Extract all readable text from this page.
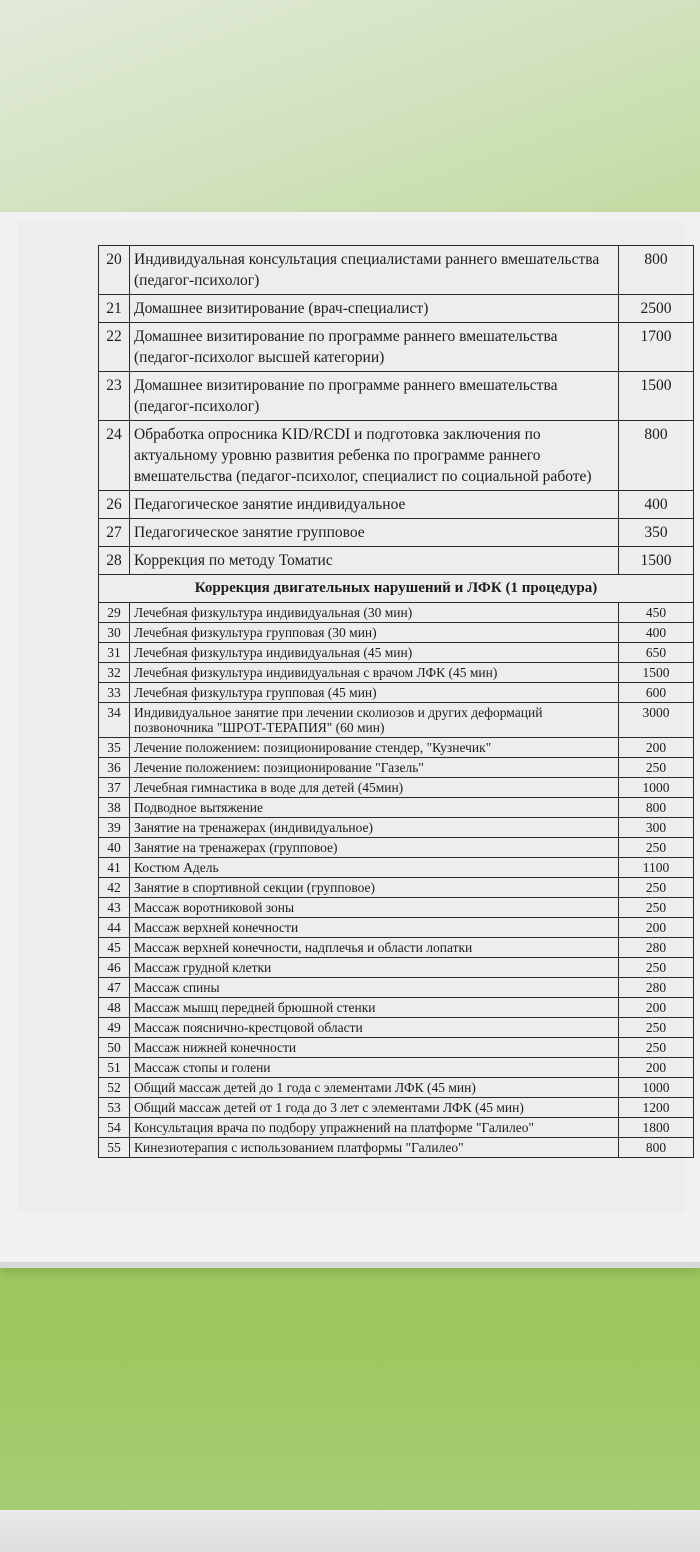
20	Индивидуальная консультация специалистами раннего вмешательства (педагог-психолог)	800
21	Домашнее визитирование (врач-специалист)	2500
22	Домашнее визитирование по программе раннего вмешательства (педагог-психолог высшей категории)	1700
23	Домашнее визитирование по программе раннего вмешательства (педагог-психолог)	1500
24	Обработка опросника KID/RCDI и подготовка заключения по актуальному уровню развития ребенка по программе раннего вмешательства (педагог-психолог, специалист по социальной работе)	800
26	Педагогическое занятие индивидуальное	400
27	Педагогическое занятие групповое	350
28	Коррекция по методу Томатис	1500
Коррекция двигательных нарушений и ЛФК (1 процедура)		
29	Лечебная физкультура индивидуальная (30 мин)	450
30	Лечебная физкультура групповая (30 мин)	400
31	Лечебная физкультура индивидуальная (45 мин)	650
32	Лечебная физкультура индивидуальная с врачом ЛФК (45 мин)	1500
33	Лечебная физкультура групповая (45 мин)	600
34	Индивидуальное занятие при лечении сколиозов и других деформаций позвоночника "ШРОТ-ТЕРАПИЯ" (60 мин)	3000
35	Лечение положением: позиционирование стендер, "Кузнечик"	200
36	Лечение положением: позиционирование "Газель"	250
37	Лечебная гимнастика в воде для детей (45мин)	1000
38	Подводное вытяжение	800
39	Занятие на тренажерах (индивидуальное)	300
40	Занятие на тренажерах (групповое)	250
41	Костюм Адель	1100
42	Занятие в спортивной секции (групповое)	250
43	Массаж воротниковой зоны	250
44	Массаж верхней конечности	200
45	Массаж верхней конечности, надплечья и области лопатки	280
46	Массаж грудной клетки	250
47	Массаж спины	280
48	Массаж мышц передней брюшной стенки	200
49	Массаж пояснично-крестцовой области	250
50	Массаж нижней конечности	250
51	Массаж стопы и голени	200
52	Общий массаж детей до 1 года с элементами ЛФК (45 мин)	1000
53	Общий массаж детей от 1 года до 3 лет с элементами ЛФК (45 мин)	1200
54	Консультация врача по подбору упражнений на платформе "Галилео"	1800
55	Кинезиотерапия с использованием платформы "Галилео"	800
